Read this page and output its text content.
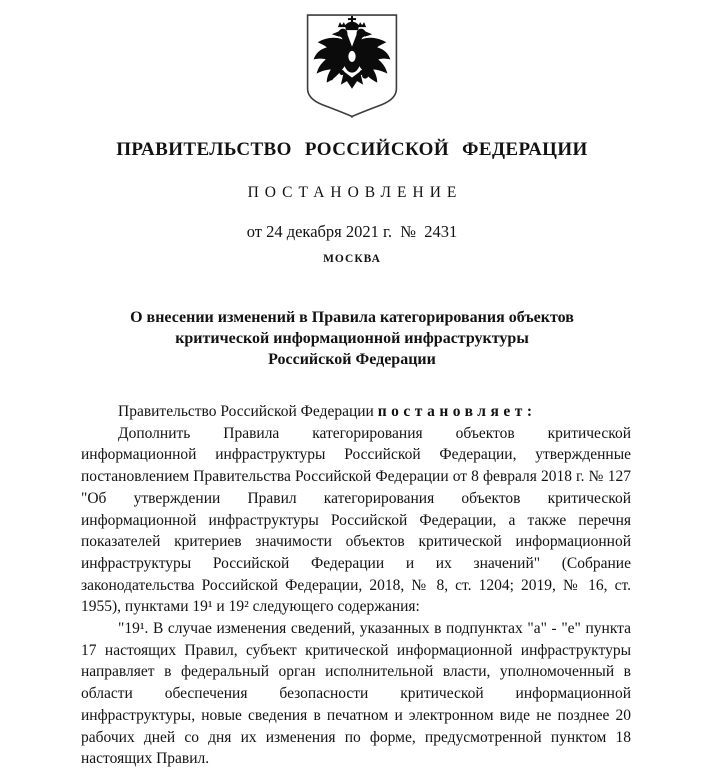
ПРАВИТЕЛЬСТВО РОССИЙСКОЙ ФЕДЕРАЦИИ
ПОСТАНОВЛЕНИЕ
от 24 декабря 2021 г.  №  2431
МОСКВА
О внесении изменений в Правила категорирования объектов
критической информационной инфраструктуры
Российской Федерации

Правительство Российской Федерации постановляет:

Дополнить Правила категорирования объектов критической информационной инфраструктуры Российской Федерации, утвержденные постановлением Правительства Российской Федерации от 8 февраля 2018 г. № 127 "Об утверждении Правил категорирования объектов критической информационной инфраструктуры Российской Федерации, а также перечня показателей критериев значимости объектов критической информационной инфраструктуры Российской Федерации и их значений" (Собрание законодательства Российской Федерации, 2018, № 8, ст. 1204; 2019, № 16, ст. 1955), пунктами 19¹ и 19² следующего содержания:

"19¹. В случае изменения сведений, указанных в подпунктах "а" - "е" пункта 17 настоящих Правил, субъект критической информационной инфраструктуры направляет в федеральный орган исполнительной власти, уполномоченный в области обеспечения безопасности критической информационной инфраструктуры, новые сведения в печатном и электронном виде не позднее 20 рабочих дней со дня их изменения по форме, предусмотренной пунктом 18 настоящих Правил.
